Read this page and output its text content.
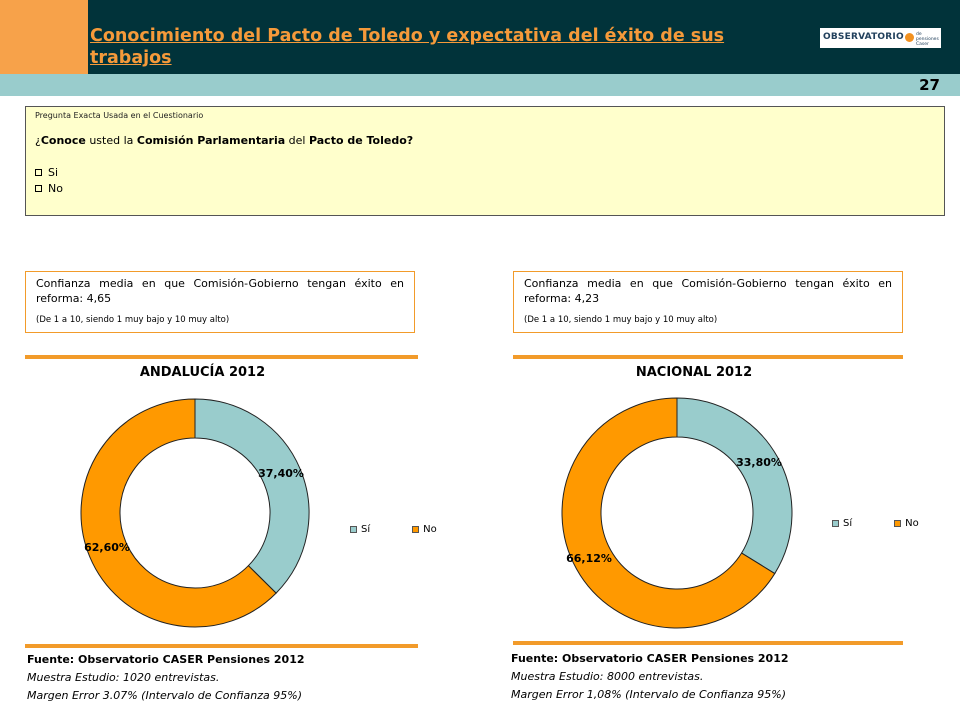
Conocimiento del Pacto de Toledo y expectativa del éxito de sus trabajos
OBSERVATORIO	de pensiones Caser
27
Pregunta Exacta Usada en el Cuestionario
¿Conoce usted la Comisión Parlamentaria del Pacto de Toledo?
Si
No
Confianza media en que Comisión-Gobierno tengan éxito en reforma: 4,65
(De 1 a 10, siendo 1 muy bajo y 10 muy alto)
ANDALUCÍA 2012
37,40%
62,60%
Sí	No
Fuente: Observatorio CASER Pensiones 2012
Muestra Estudio: 1020 entrevistas.
Margen Error 3.07% (Intervalo de Confianza 95%)
Confianza media en que Comisión-Gobierno tengan éxito en reforma: 4,23
(De 1 a 10, siendo 1 muy bajo y 10 muy alto)
NACIONAL 2012
33,80%
66,12%
Sí	No
Fuente: Observatorio CASER Pensiones 2012
Muestra Estudio: 8000 entrevistas.
Margen Error 1,08% (Intervalo de Confianza 95%)
